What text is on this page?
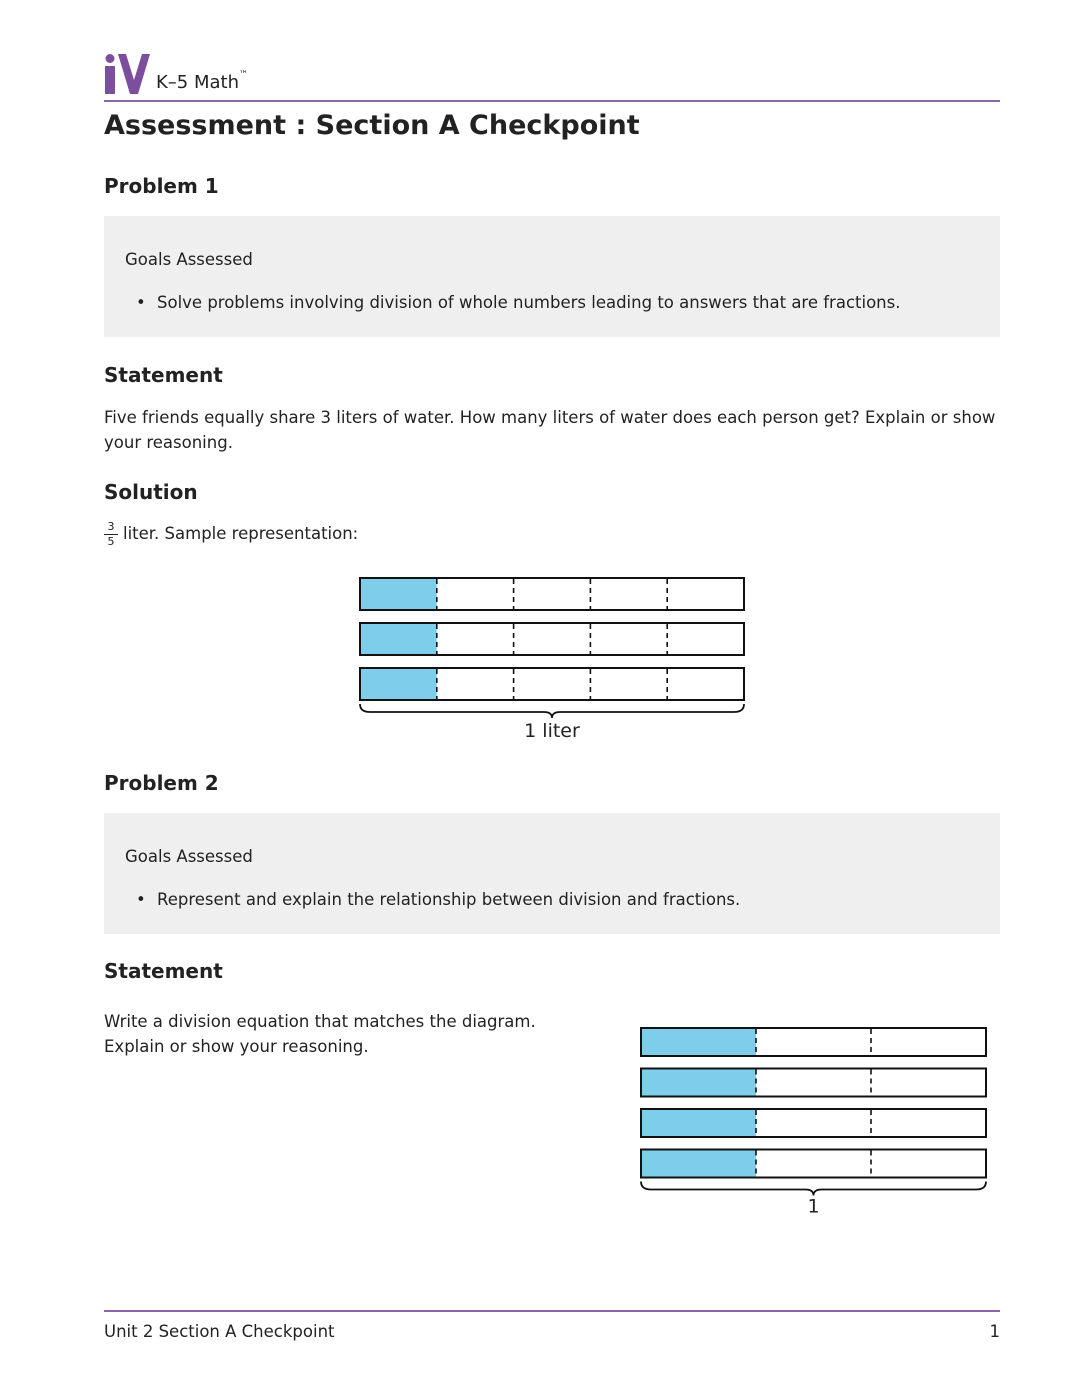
K–5 Math™
Assessment : Section A Checkpoint
Problem 1
Goals Assessed
• Solve problems involving division of whole numbers leading to answers that are fractions.
Statement

Five friends equally share 3 liters of water. How many liters of water does each person get? Explain or show your reasoning.

Solution
$\frac{3}{5}$ liter. Sample representation:
1 liter
Problem 2
Goals Assessed
• Represent and explain the relationship between division and fractions.
Statement

Write a division equation that matches the diagram.
Explain or show your reasoning.

1
Unit 2 Section A Checkpoint	1
